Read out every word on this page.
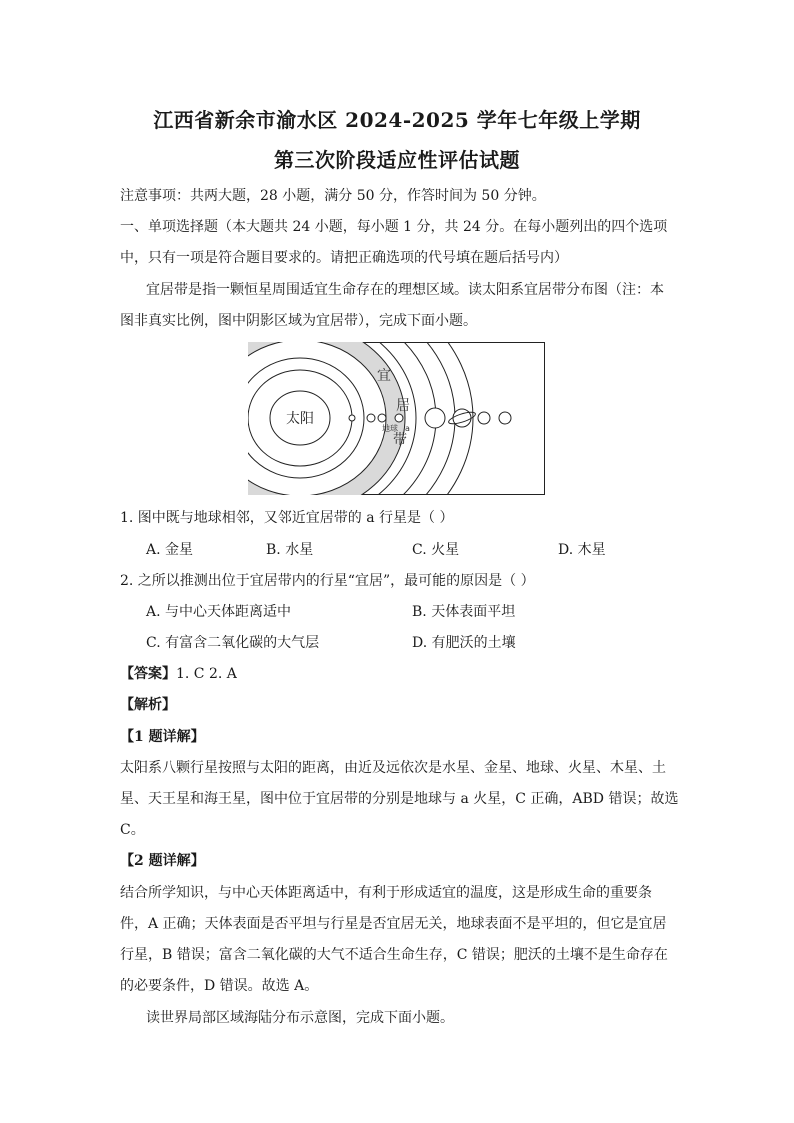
江西省新余市渝水区 2024-2025 学年七年级上学期
第三次阶段适应性评估试题
注意事项：共两大题，28 小题，满分 50 分，作答时间为 50 分钟。
一、单项选择题（本大题共 24 小题，每小题 1 分，共 24 分。在每小题列出的四个选项
中，只有一项是符合题目要求的。请把正确选项的代号填在题后括号内）
宜居带是指一颗恒星周围适宜生命存在的理想区域。读太阳系宜居带分布图（注：本
图非真实比例，图中阴影区域为宜居带），完成下面小题。
太阳
宜
居
带
地球 a
1. 图中既与地球相邻，又邻近宜居带的 a 行星是（ ）
A. 金星	B. 水星	C. 火星	D. 木星
2. 之所以推测出位于宜居带内的行星“宜居”，最可能的原因是（ ）
A. 与中心天体距离适中	B. 天体表面平坦
C. 有富含二氧化碳的大气层	D. 有肥沃的土壤
【答案】1. C 2. A
【解析】
【1 题详解】
太阳系八颗行星按照与太阳的距离，由近及远依次是水星、金星、地球、火星、木星、土
星、天王星和海王星，图中位于宜居带的分别是地球与 a 火星，C 正确，ABD 错误；故选
C。
【2 题详解】
结合所学知识，与中心天体距离适中，有利于形成适宜的温度，这是形成生命的重要条
件，A 正确；天体表面是否平坦与行星是否宜居无关，地球表面不是平坦的，但它是宜居
行星，B 错误；富含二氧化碳的大气不适合生命生存，C 错误；肥沃的土壤不是生命存在
的必要条件，D 错误。故选 A。
读世界局部区域海陆分布示意图，完成下面小题。
